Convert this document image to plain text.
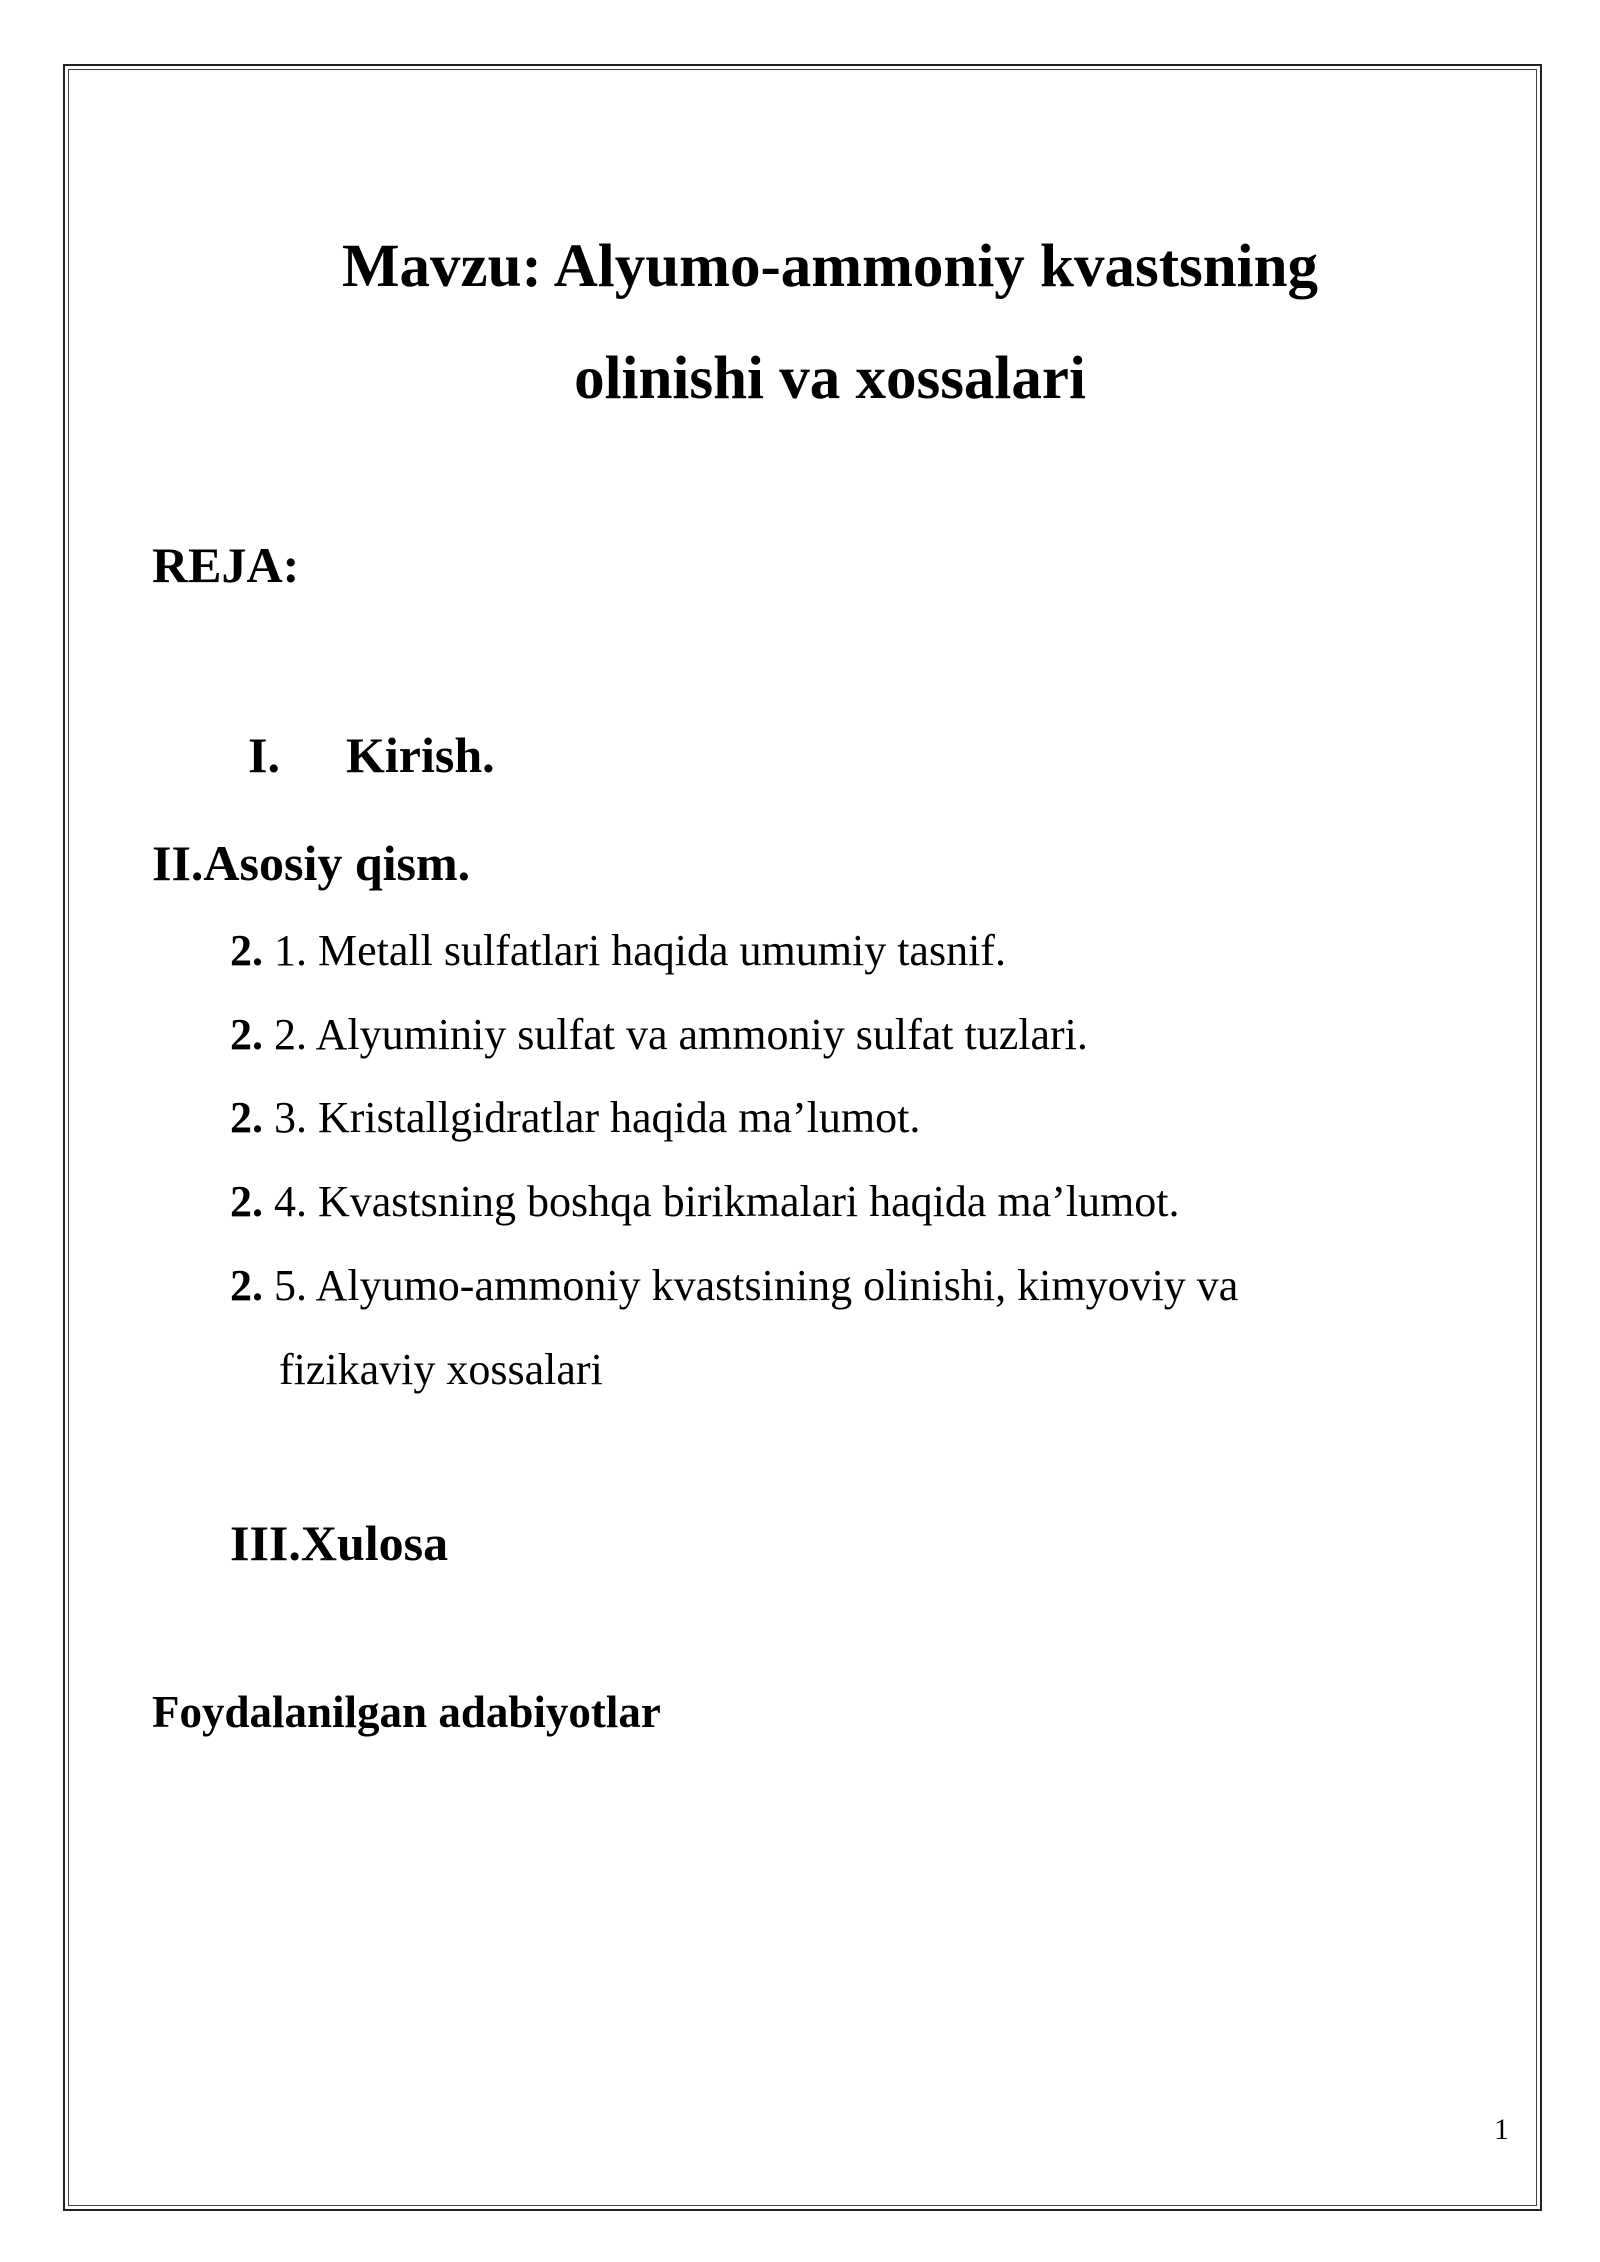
Mavzu: Alyumo-ammoniy kvastsning
olinishi va xossalari
REJA:
I. Kirish.
II.Asosiy qism.
2. 1. Metall sulfatlari haqida umumiy tasnif.
2. 2. Alyuminiy sulfat va ammoniy sulfat tuzlari.
2. 3. Kristallgidratlar haqida ma’lumot.
2. 4. Kvastsning boshqa birikmalari haqida ma’lumot.
2. 5. Alyumo-ammoniy kvastsining olinishi, kimyoviy va
fizikaviy xossalari
III.Xulosa
Foydalanilgan adabiyotlar
1
